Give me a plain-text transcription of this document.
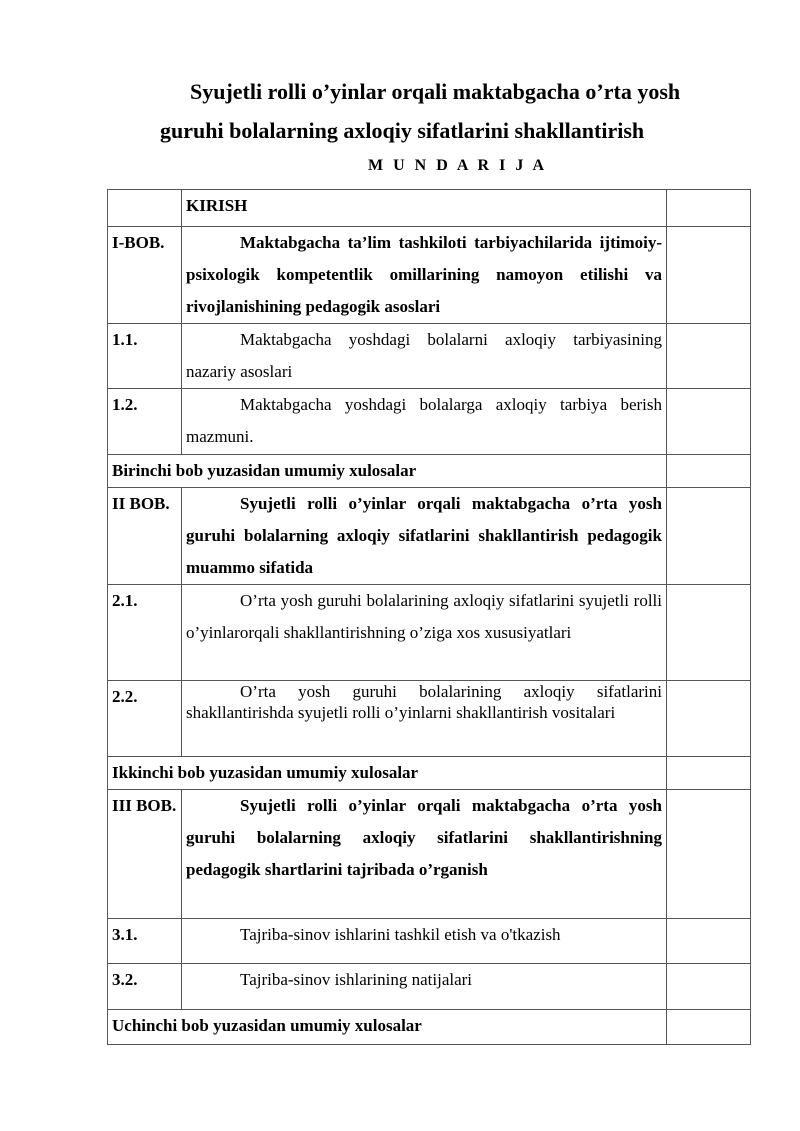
Syujetli rolli o’yinlar orqali maktabgacha o’rta yosh guruhi bolalarning axloqiy sifatlarini shakllantirish

M U N D A R I J A

	KIRISH	
I-BOB.	Maktabgacha ta’lim tashkiloti tarbiyachilarida ijtimoiy-psixologik kompetentlik omillarining namoyon etilishi va rivojlanishining pedagogik asoslari	
1.1.	Maktabgacha yoshdagi bolalarni axloqiy tarbiyasining nazariy asoslari	
1.2.	Maktabgacha yoshdagi bolalarga axloqiy tarbiya berish mazmuni.	
Birinchi bob yuzasidan umumiy xulosalar		
II BOB.	Syujetli rolli o’yinlar orqali maktabgacha o’rta yosh guruhi bolalarning axloqiy sifatlarini shakllantirish pedagogik muammo sifatida	
2.1.	O’rta yosh guruhi bolalarining axloqiy sifatlarini syujetli rolli o’yinlarorqali shakllantirishning o’ziga xos xususiyatlari	
2.2.	O’rta yosh guruhi bolalarining axloqiy sifatlarini shakllantirishda syujetli rolli o’yinlarni shakllantirish vositalari	
Ikkinchi bob yuzasidan umumiy xulosalar		
III BOB.	Syujetli rolli o’yinlar orqali maktabgacha o’rta yosh guruhi bolalarning axloqiy sifatlarini shakllantirishning pedagogik shartlarini tajribada o’rganish	
3.1.	Tajriba-sinov ishlarini tashkil etish va o'tkazish	
3.2.	Tajriba-sinov ishlarining natijalari	
Uchinchi bob yuzasidan umumiy xulosalar		
